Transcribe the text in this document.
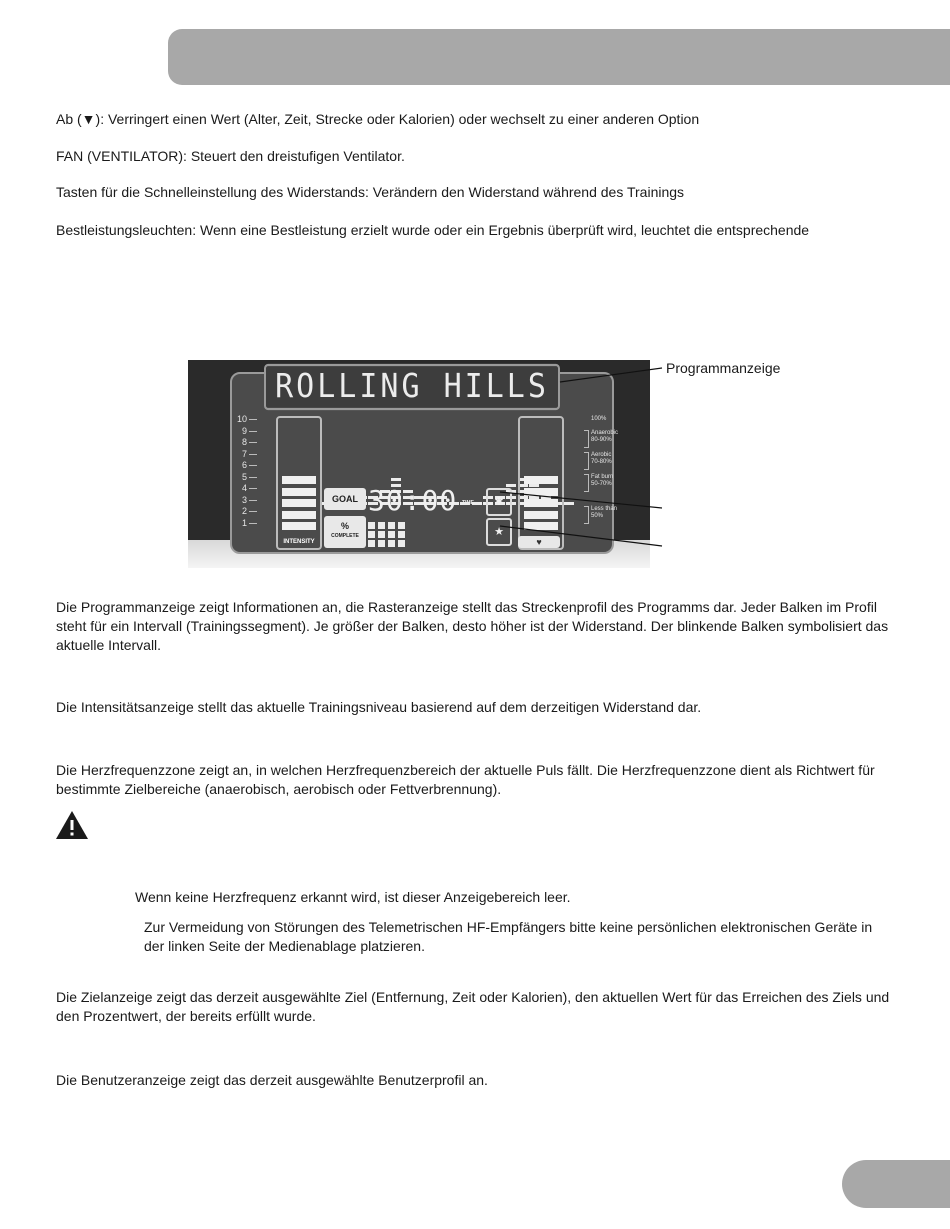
Ab (▼): Verringert einen Wert (Alter, Zeit, Strecke oder Kalorien) oder wechselt zu einer anderen Option

FAN (VENTILATOR): Steuert den dreistufigen Ventilator.

Tasten für die Schnelleinstellung des Widerstands: Verändern den Widerstand während des Trainings

Bestleistungsleuchten: Wenn eine Bestleistung erzielt wurde oder ein Ergebnis überprüft wird, leuchtet die entsprechende

ROLLING HILLS
10
9
8
7
6
5
4
3
2
1
INTENSITY
GOAL
%
COMPLETE
30:00 TIME	✱
★
♥
100%
Anaerobic
80-90%
Aerobic
70-80%
Fat burn
50-70%
Less than
50%
Programmanzeige

Die Programmanzeige zeigt Informationen an, die Rasteranzeige stellt das Streckenprofil des Programms dar. Jeder Balken im Profil steht für ein Intervall (Trainingssegment). Je größer der Balken, desto höher ist der Widerstand. Der blinkende Balken symbolisiert das aktuelle Intervall.

Die Intensitätsanzeige stellt das aktuelle Trainingsniveau basierend auf dem derzeitigen Widerstand dar.

Die Herzfrequenzzone zeigt an, in welchen Herzfrequenzbereich der aktuelle Puls fällt. Die Herzfrequenzzone dient als Richtwert für bestimmte Zielbereiche (anaerobisch, aerobisch oder Fettverbrennung).

Wenn keine Herzfrequenz erkannt wird, ist dieser Anzeigebereich leer.

Zur Vermeidung von Störungen des Telemetrischen HF-Empfängers bitte keine persönlichen elektronischen Geräte in der linken Seite der Medienablage platzieren.

Die Zielanzeige zeigt das derzeit ausgewählte Ziel (Entfernung, Zeit oder Kalorien), den aktuellen Wert für das Erreichen des Ziels und den Prozentwert, der bereits erfüllt wurde.

Die Benutzeranzeige zeigt das derzeit ausgewählte Benutzerprofil an.
